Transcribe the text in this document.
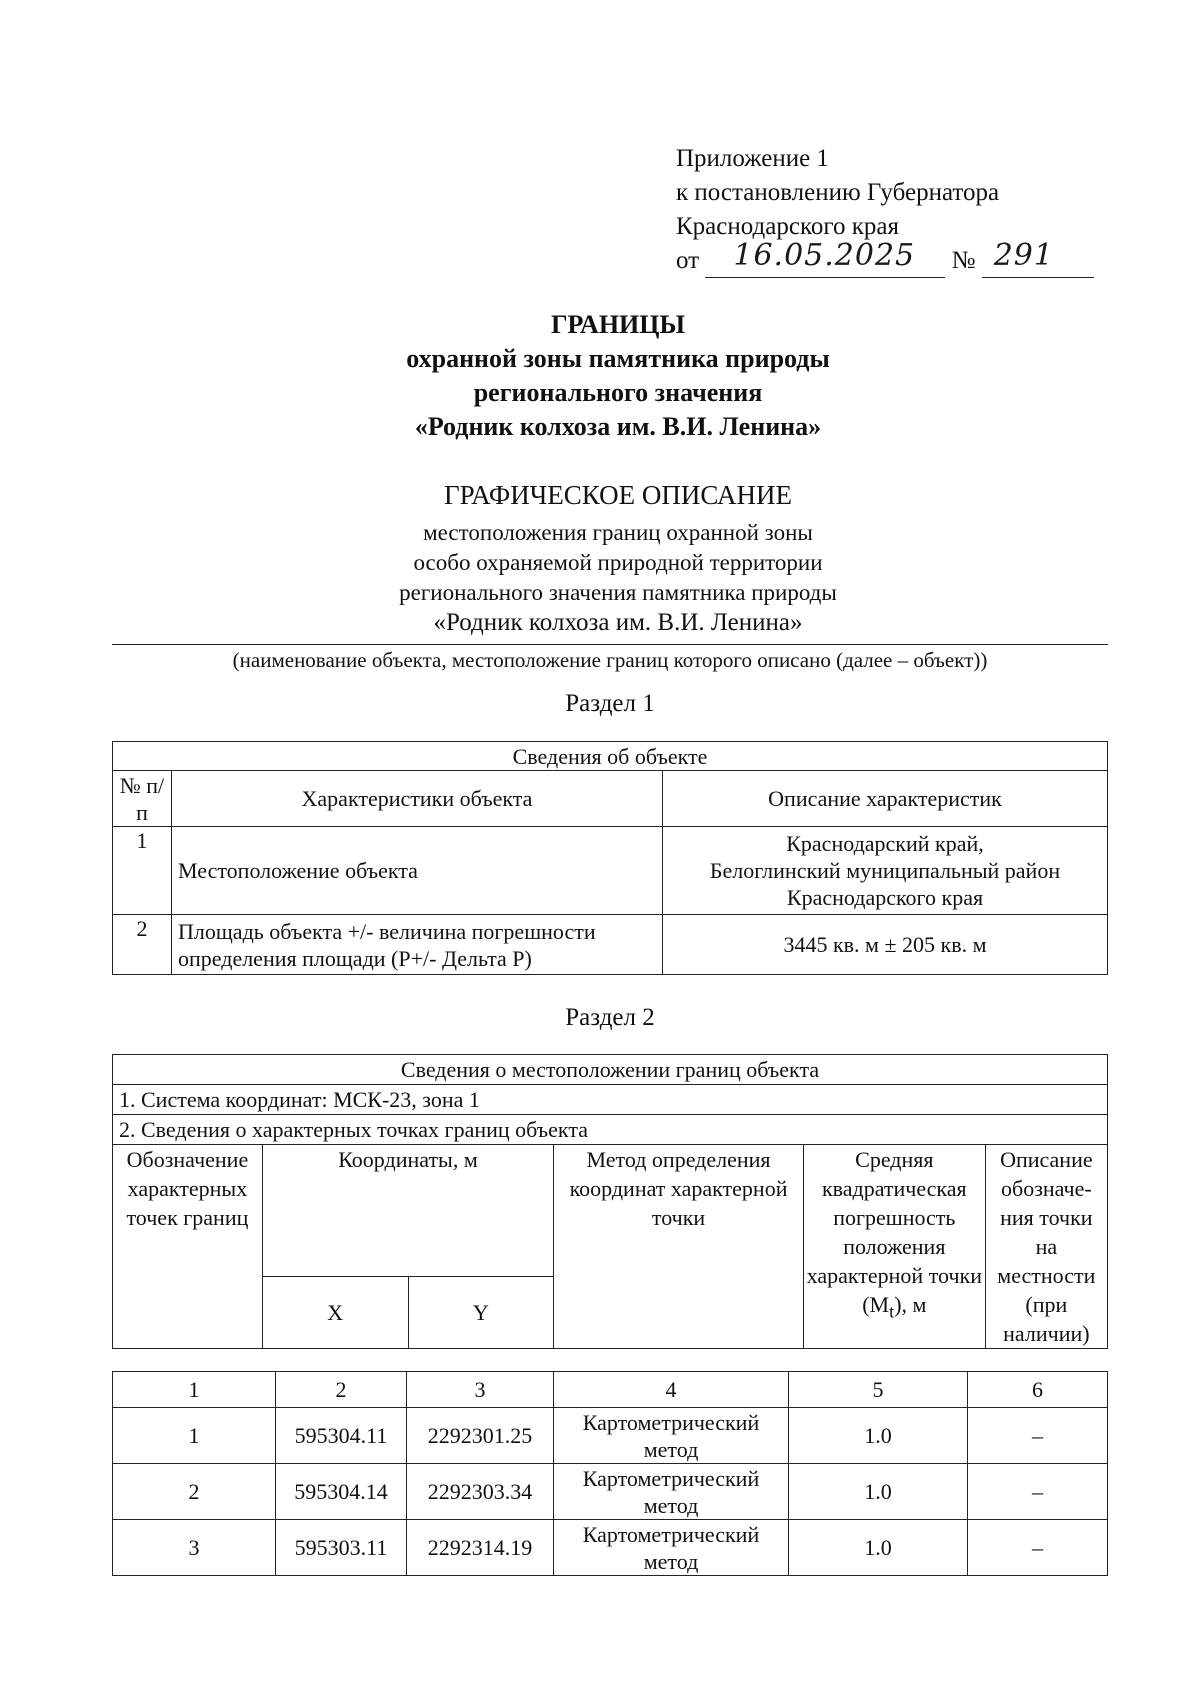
Приложение 1
к постановлению Губернатора
Краснодарского края
от 16.05.2025 № 291
ГРАНИЦЫ
охранной зоны памятника природы
регионального значения
«Родник колхоза им. В.И. Ленина»
ГРАФИЧЕСКОЕ ОПИСАНИЕ
местоположения границ охранной зоны
особо охраняемой природной территории
регионального значения памятника природы
«Родник колхоза им. В.И. Ленина»
(наименование объекта, местоположение границ которого описано (далее – объект))
Раздел 1
Сведения об объекте		
№ п/п	Характеристики объекта	Описание характеристик
1	Местоположение объекта	Краснодарский край,
Белоглинский муниципальный район
Краснодарского края

2	Площадь объекта +/- величина погрешности
определения площади (Р+/- Дельта Р)	3445 кв. м ± 205 кв. м
Раздел 2
Сведения о местоположении границ объекта					
1. Система координат: МСК-23, зона 1					
2. Сведения о характерных точках границ объекта					
Обозначение характерных точек границ	Координаты, м		Метод определения координат характерной точки	Средняя квадратическая погрешность положения характерной точки $(M_t)$, м	Описание обозначе-ния точки на местности (при наличии)
	X	Y			
1	2	3	4	5	6
1	595304.11	2292301.25	Картометрический метод	1.0	–
2	595304.14	2292303.34	Картометрический метод	1.0	–
3	595303.11	2292314.19	Картометрический метод	1.0	–
